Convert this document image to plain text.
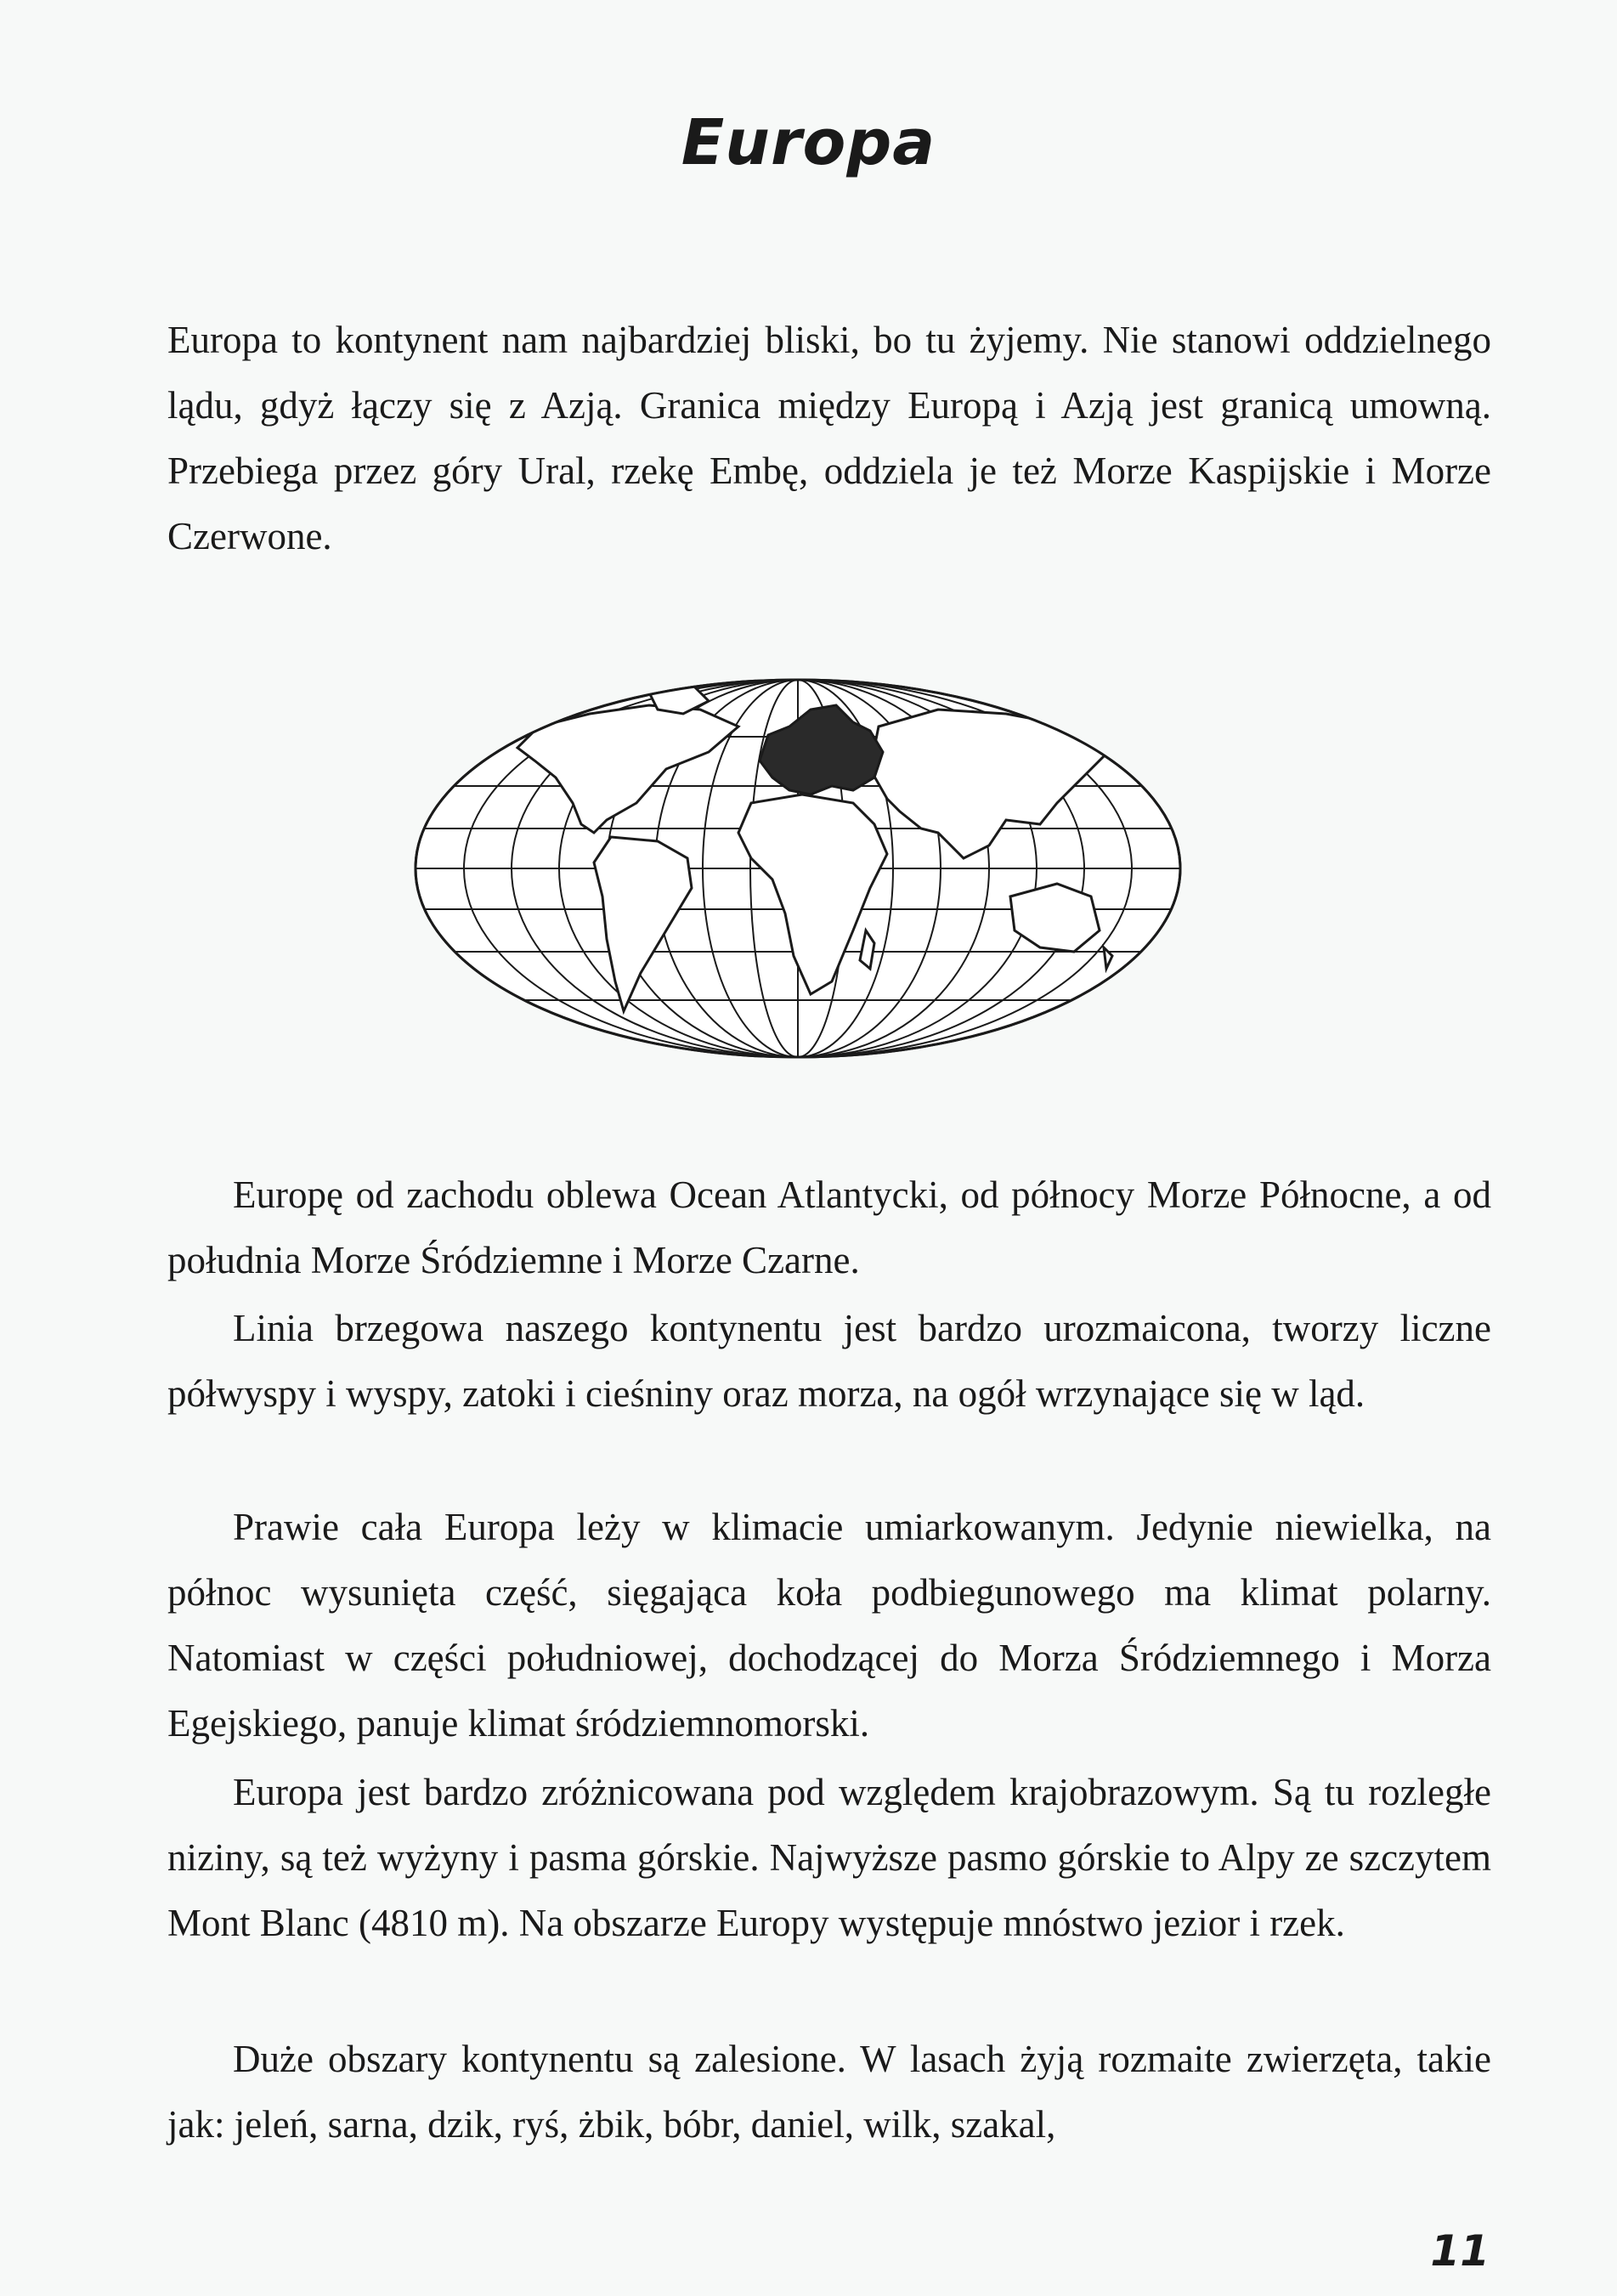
Europa

Europa to kontynent nam najbardziej bliski, bo tu żyjemy. Nie stanowi oddzielnego lądu, gdyż łączy się z Azją. Granica między Europą i Azją jest granicą umowną. Przebiega przez góry Ural, rzekę Embę, oddziela je też Morze Kaspijskie i Morze Czerwone.

Europę od zachodu oblewa Ocean Atlantycki, od północy Morze Północne, a od południa Morze Śródziemne i Morze Czarne.

Linia brzegowa naszego kontynentu jest bardzo urozmaicona, tworzy liczne półwyspy i wyspy, zatoki i cieśniny oraz morza, na ogół wrzynające się w ląd.

Prawie cała Europa leży w klimacie umiarkowanym. Jedynie niewielka, na północ wysunięta część, sięgająca koła podbiegunowego ma klimat polarny. Natomiast w części południowej, dochodzącej do Morza Śródziemnego i Morza Egejskiego, panuje klimat śródziemnomorski.

Europa jest bardzo zróżnicowana pod względem krajobrazowym. Są tu rozległe niziny, są też wyżyny i pasma górskie. Najwyższe pasmo górskie to Alpy ze szczytem Mont Blanc (4810 m). Na obszarze Europy występuje mnóstwo jezior i rzek.

Duże obszary kontynentu są zalesione. W lasach żyją rozmaite zwierzęta, takie jak: jeleń, sarna, dzik, ryś, żbik, bóbr, daniel, wilk, szakal,

11
